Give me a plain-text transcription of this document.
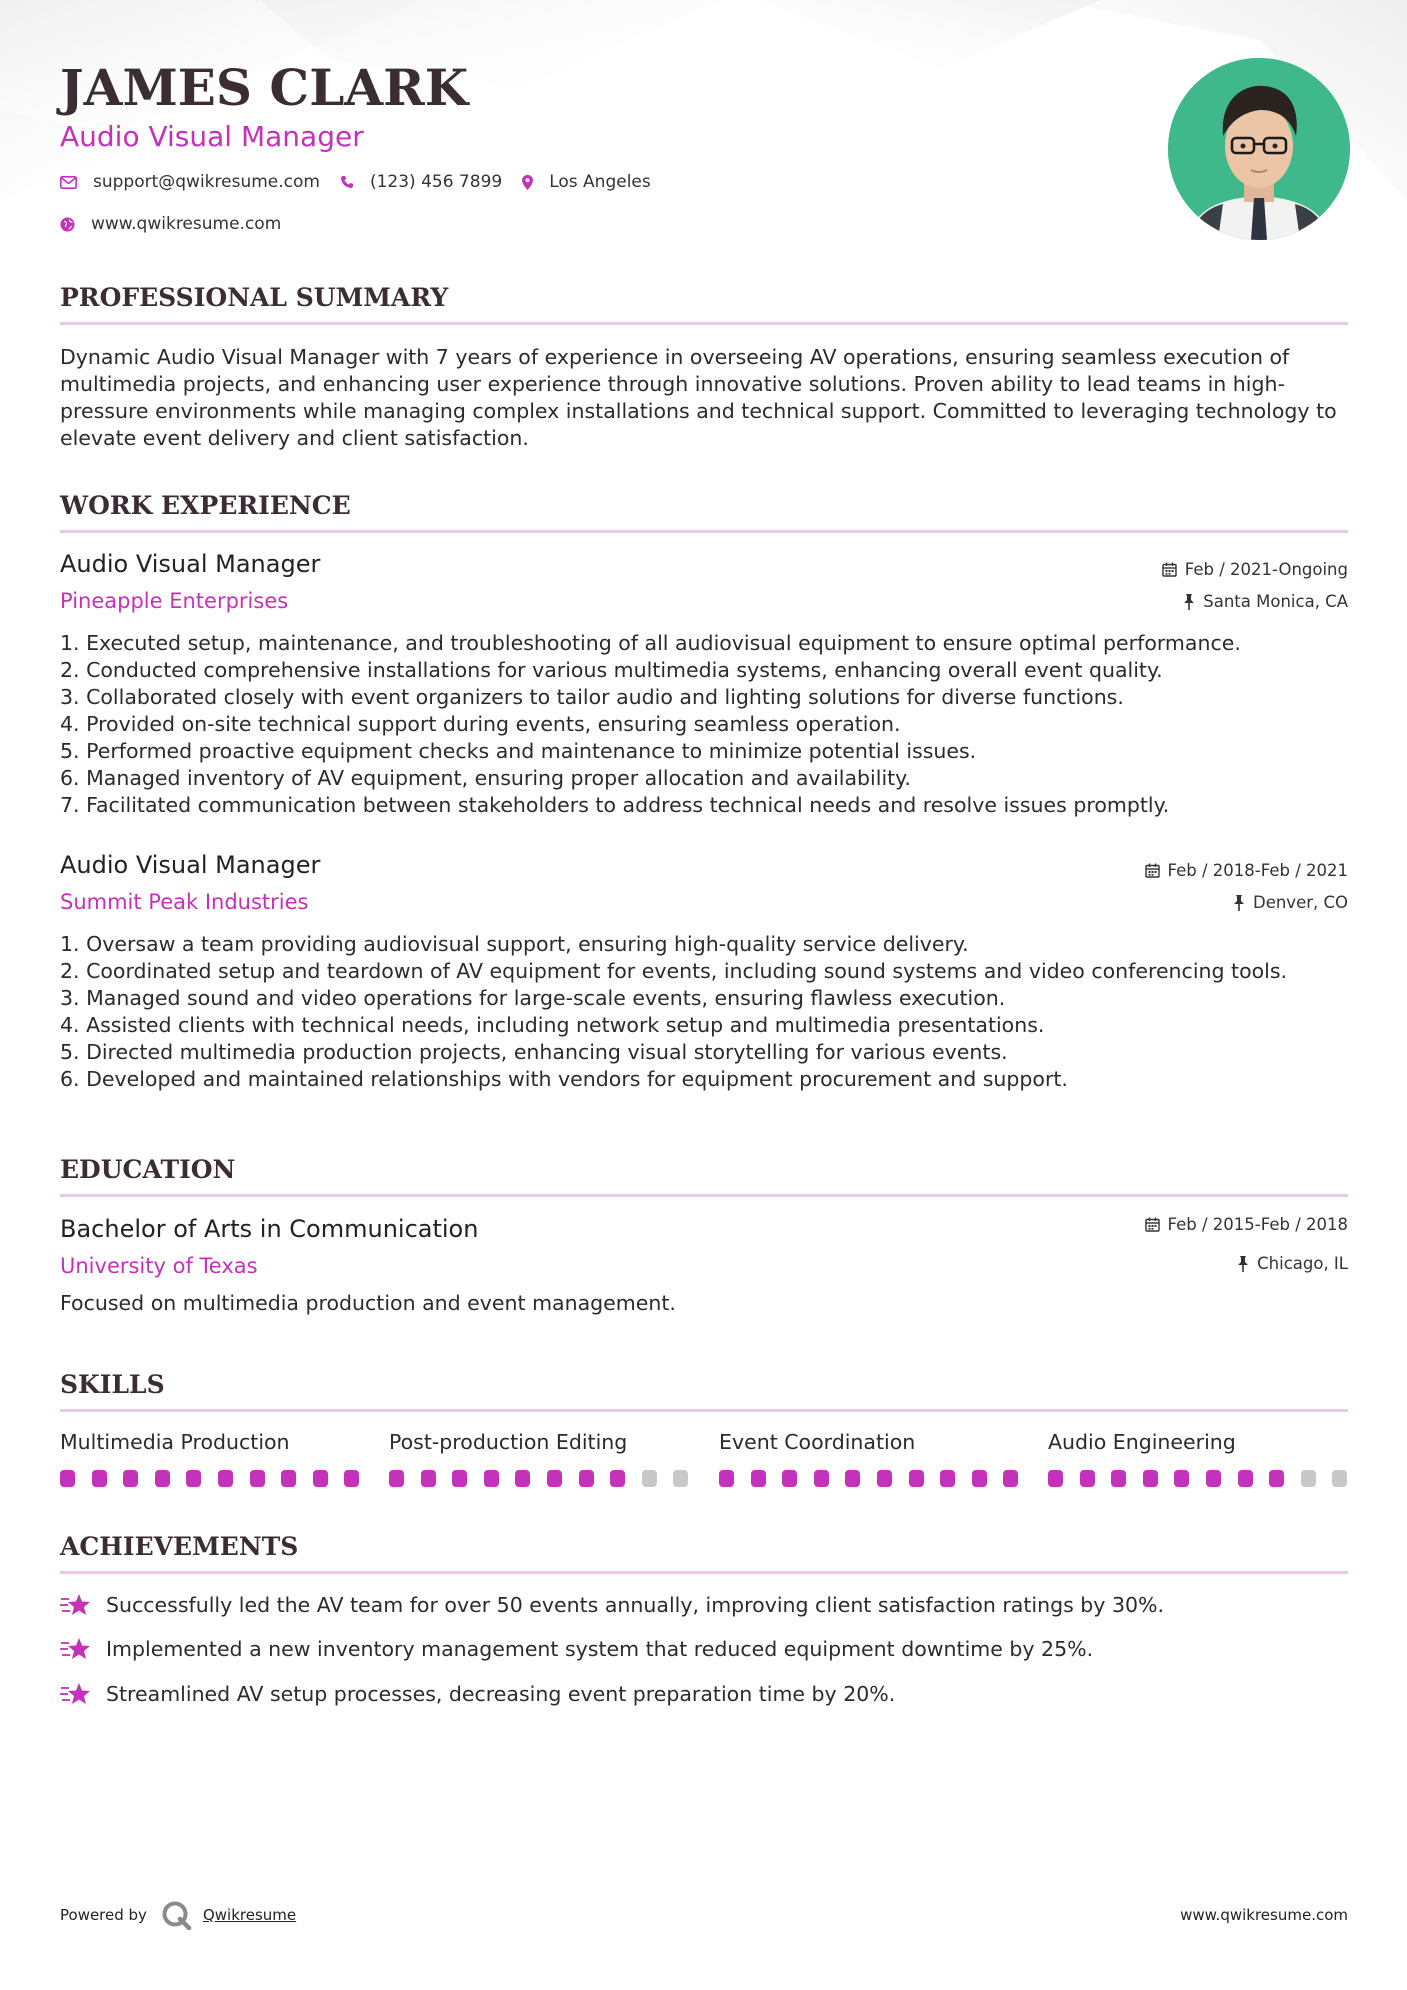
JAMES CLARK
Audio Visual Manager
support@qwikresume.com	(123) 456 7899	Los Angeles
www.qwikresume.com
PROFESSIONAL SUMMARY
Dynamic Audio Visual Manager with 7 years of experience in overseeing AV operations, ensuring seamless execution of multimedia projects, and enhancing user experience through innovative solutions. Proven ability to lead teams in high-pressure environments while managing complex installations and technical support. Committed to leveraging technology to elevate event delivery and client satisfaction.
WORK EXPERIENCE
Audio Visual Manager
Pineapple Enterprises
Feb / 2021-Ongoing
Santa Monica, CA
1. Executed setup, maintenance, and troubleshooting of all audiovisual equipment to ensure optimal performance.
2. Conducted comprehensive installations for various multimedia systems, enhancing overall event quality.
3. Collaborated closely with event organizers to tailor audio and lighting solutions for diverse functions.
4. Provided on-site technical support during events, ensuring seamless operation.
5. Performed proactive equipment checks and maintenance to minimize potential issues.
6. Managed inventory of AV equipment, ensuring proper allocation and availability.
7. Facilitated communication between stakeholders to address technical needs and resolve issues promptly.
Audio Visual Manager
Summit Peak Industries
Feb / 2018-Feb / 2021
Denver, CO
1. Oversaw a team providing audiovisual support, ensuring high-quality service delivery.
2. Coordinated setup and teardown of AV equipment for events, including sound systems and video conferencing tools.
3. Managed sound and video operations for large-scale events, ensuring flawless execution.
4. Assisted clients with technical needs, including network setup and multimedia presentations.
5. Directed multimedia production projects, enhancing visual storytelling for various events.
6. Developed and maintained relationships with vendors for equipment procurement and support.
EDUCATION
Bachelor of Arts in Communication
University of Texas
Feb / 2015-Feb / 2018
Chicago, IL
Focused on multimedia production and event management.
SKILLS
Multimedia Production	Post-production Editing	Event Coordination	Audio Engineering
ACHIEVEMENTS
Successfully led the AV team for over 50 events annually, improving client satisfaction ratings by 30%.
Implemented a new inventory management system that reduced equipment downtime by 25%.
Streamlined AV setup processes, decreasing event preparation time by 20%.
Powered by	Qwikresume	www.qwikresume.com
